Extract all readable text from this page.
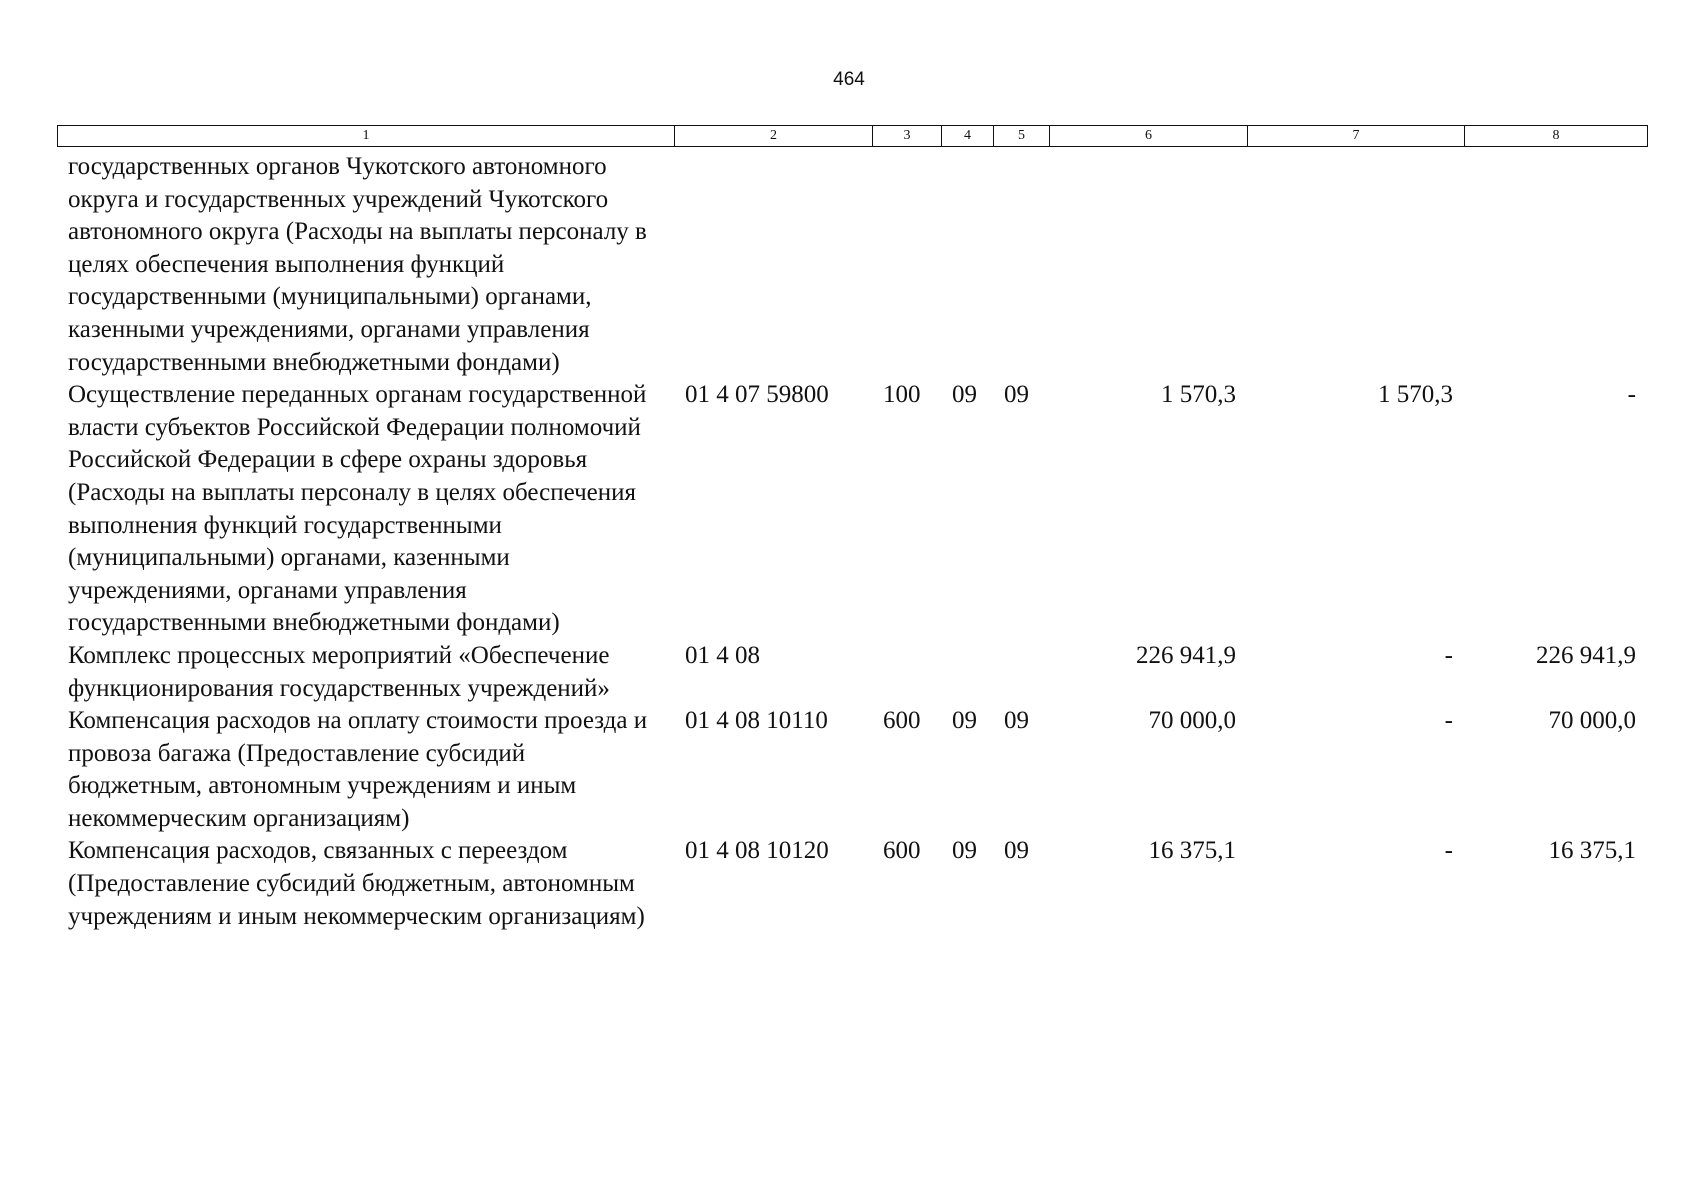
464
1	2	3	4	5	6	7	8
государственных органов Чукотского автономного округа и государственных учреждений Чукотского автономного округа (Расходы на выплаты персоналу в целях обеспечения выполнения функций государственными (муниципальными) органами, казенными учреждениями, органами управления государственными внебюджетными фондами)							
Осуществление переданных органам государственной власти субъектов Российской Федерации полномочий Российской Федерации в сфере охраны здоровья (Расходы на выплаты персоналу в целях обеспечения выполнения функций государственными (муниципальными) органами, казенными учреждениями, органами управления государственными внебюджетными фондами)	01 4 07 59800	100	09	09	1 570,3	1 570,3	-
Комплекс процессных мероприятий «Обеспечение функционирования государственных учреждений»	01 4 08				226 941,9	-	226 941,9
Компенсация расходов на оплату стоимости проезда и провоза багажа (Предоставление субсидий бюджетным, автономным учреждениям и иным некоммерческим организациям)	01 4 08 10110	600	09	09	70 000,0	-	70 000,0
Компенсация расходов, связанных с переездом (Предоставление субсидий бюджетным, автономным учреждениям и иным некоммерческим организациям)	01 4 08 10120	600	09	09	16 375,1	-	16 375,1
